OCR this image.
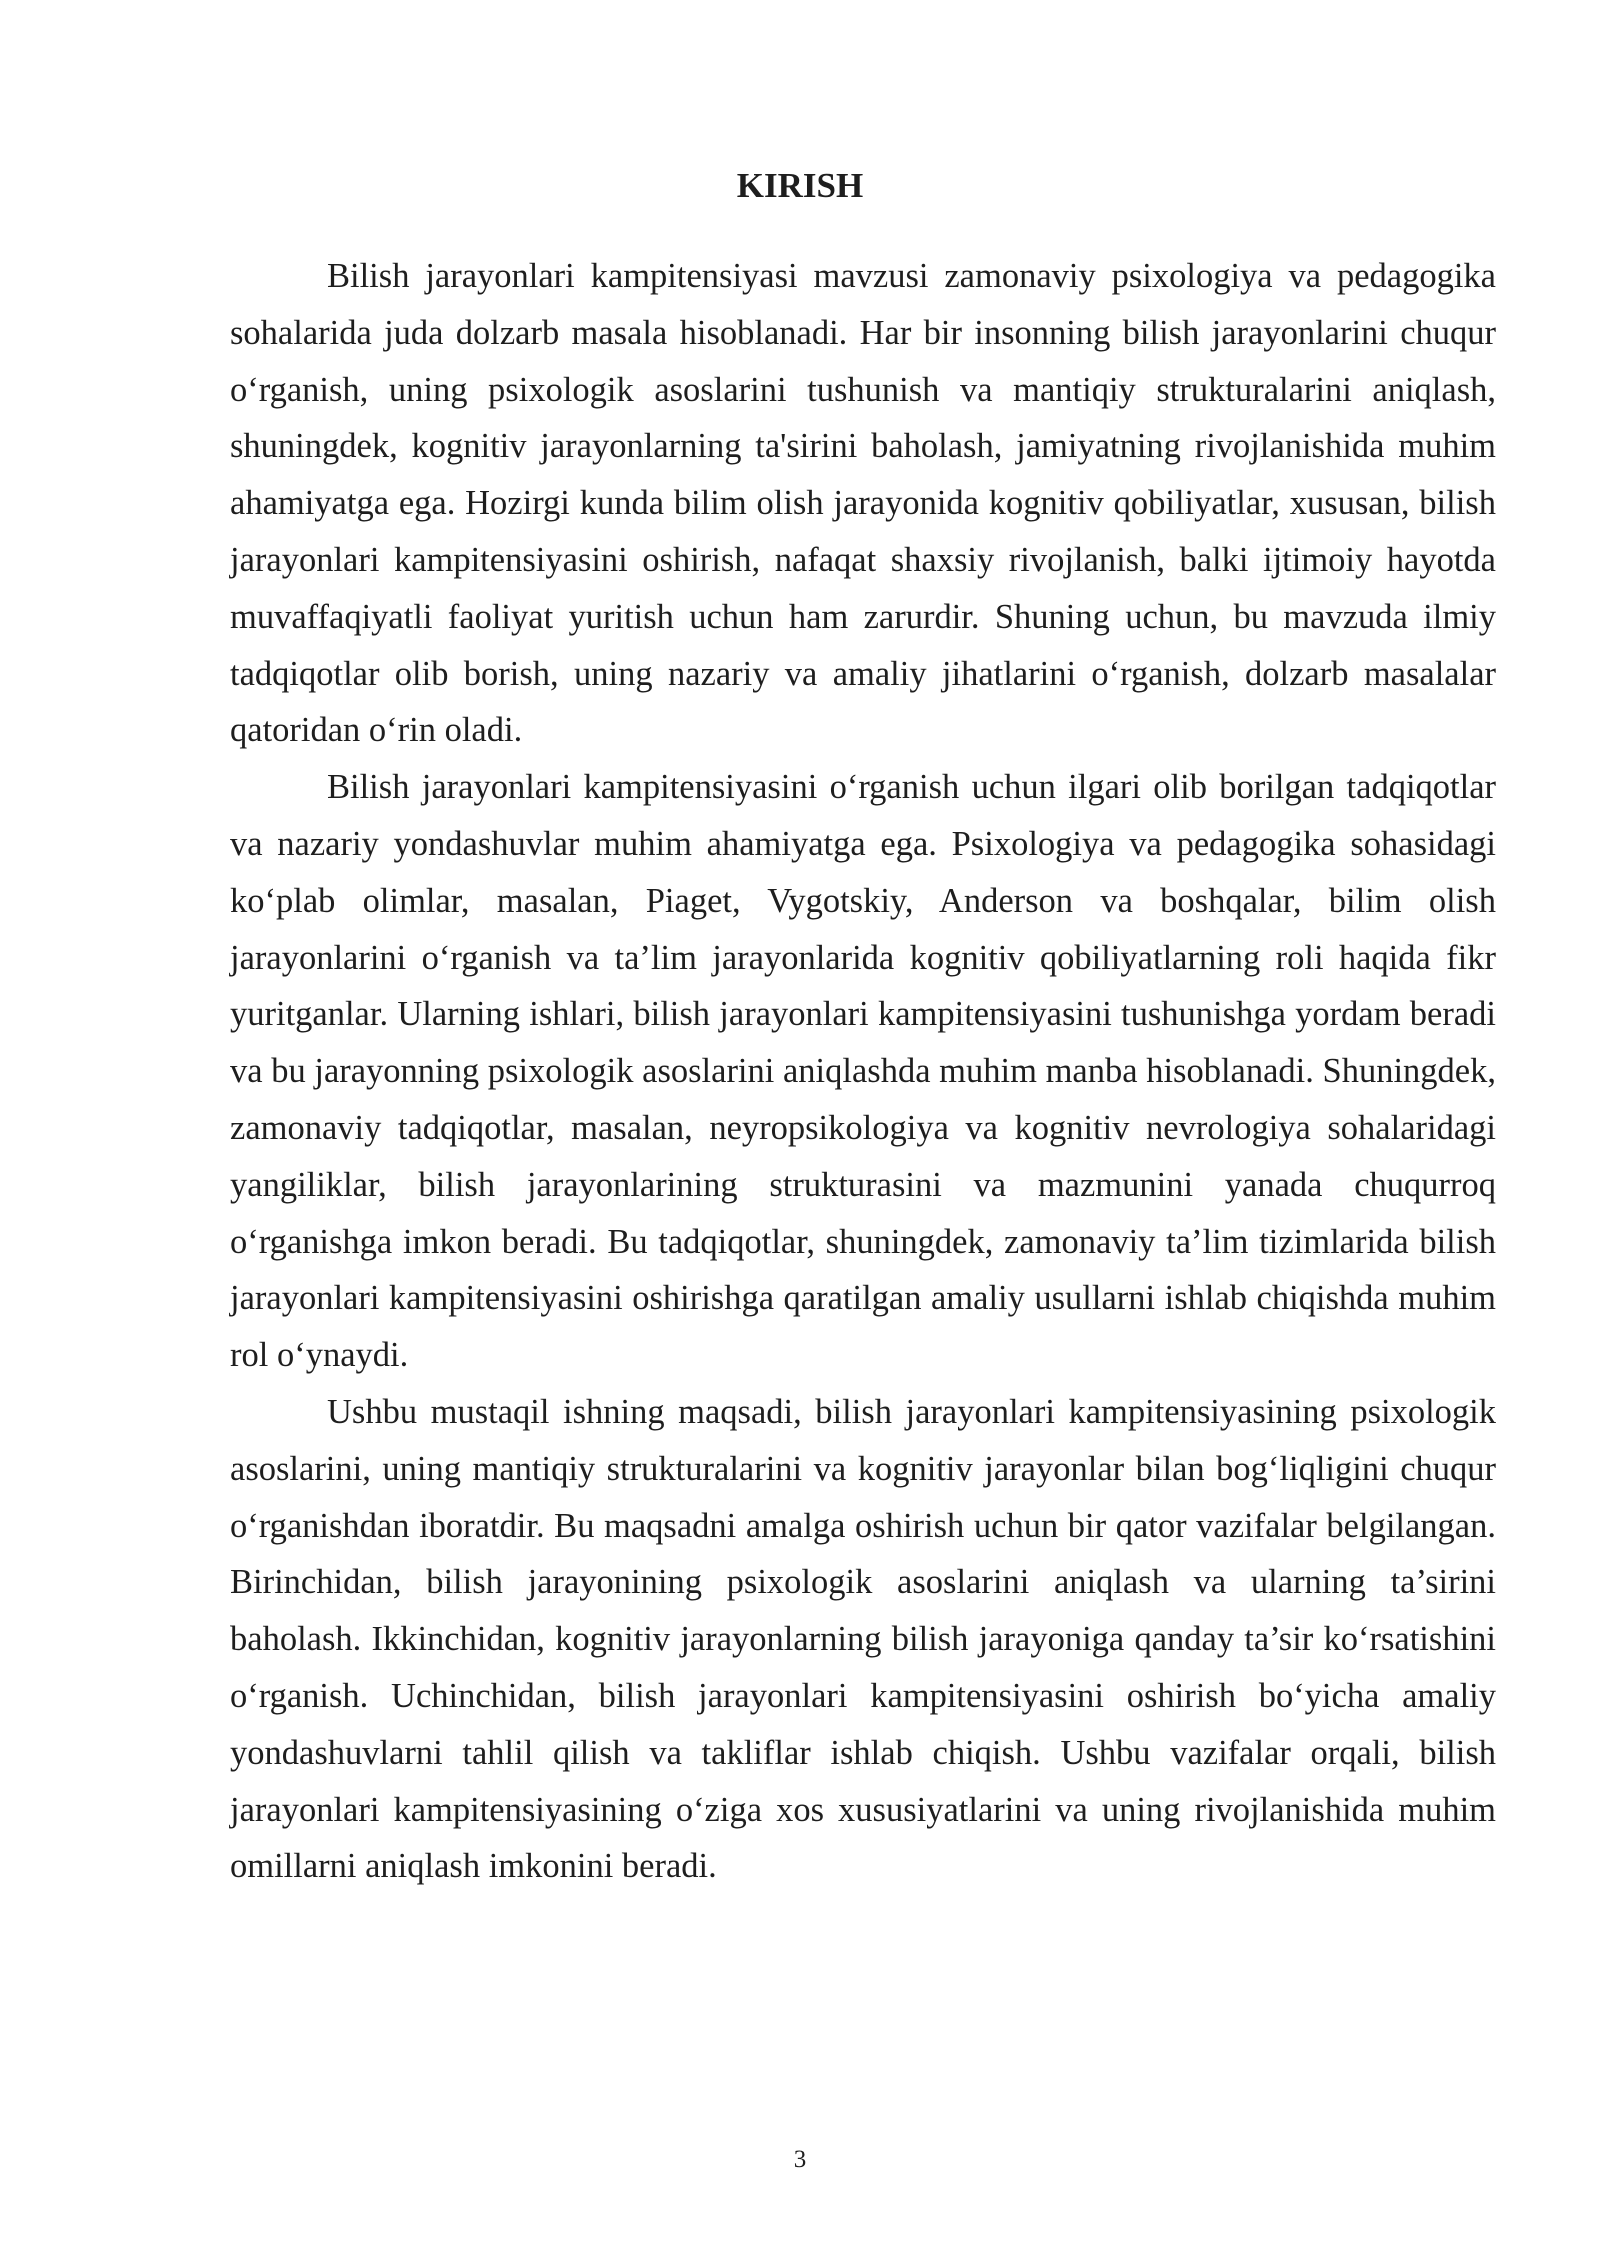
KIRISH

Bilish jarayonlari kampitensiyasi mavzusi zamonaviy psixologiya va pedagogika sohalarida juda dolzarb masala hisoblanadi. Har bir insonning bilish jarayonlarini chuqur o‘rganish, uning psixologik asoslarini tushunish va mantiqiy strukturalarini aniqlash, shuningdek, kognitiv jarayonlarning ta'sirini baholash, jamiyatning rivojlanishida muhim ahamiyatga ega. Hozirgi kunda bilim olish jarayonida kognitiv qobiliyatlar, xususan, bilish jarayonlari kampitensiyasini oshirish, nafaqat shaxsiy rivojlanish, balki ijtimoiy hayotda muvaffaqiyatli faoliyat yuritish uchun ham zarurdir. Shuning uchun, bu mavzuda ilmiy tadqiqotlar olib borish, uning nazariy va amaliy jihatlarini o‘rganish, dolzarb masalalar qatoridan o‘rin oladi.

Bilish jarayonlari kampitensiyasini o‘rganish uchun ilgari olib borilgan tadqiqotlar va nazariy yondashuvlar muhim ahamiyatga ega. Psixologiya va pedagogika sohasidagi ko‘plab olimlar, masalan, Piaget, Vygotskiy, Anderson va boshqalar, bilim olish jarayonlarini o‘rganish va ta’lim jarayonlarida kognitiv qobiliyatlarning roli haqida fikr yuritganlar. Ularning ishlari, bilish jarayonlari kampitensiyasini tushunishga yordam beradi va bu jarayonning psixologik asoslarini aniqlashda muhim manba hisoblanadi. Shuningdek, zamonaviy tadqiqotlar, masalan, neyropsikologiya va kognitiv nevrologiya sohalaridagi yangiliklar, bilish jarayonlarining strukturasini va mazmunini yanada chuqurroq o‘rganishga imkon beradi. Bu tadqiqotlar, shuningdek, zamonaviy ta’lim tizimlarida bilish jarayonlari kampitensiyasini oshirishga qaratilgan amaliy usullarni ishlab chiqishda muhim rol o‘ynaydi.

Ushbu mustaqil ishning maqsadi, bilish jarayonlari kampitensiyasining psixologik asoslarini, uning mantiqiy strukturalarini va kognitiv jarayonlar bilan bog‘liqligini chuqur o‘rganishdan iboratdir. Bu maqsadni amalga oshirish uchun bir qator vazifalar belgilangan. Birinchidan, bilish jarayonining psixologik asoslarini aniqlash va ularning ta’sirini baholash. Ikkinchidan, kognitiv jarayonlarning bilish jarayoniga qanday ta’sir ko‘rsatishini o‘rganish. Uchinchidan, bilish jarayonlari kampitensiyasini oshirish bo‘yicha amaliy yondashuvlarni tahlil qilish va takliflar ishlab chiqish. Ushbu vazifalar orqali, bilish jarayonlari kampitensiyasining o‘ziga xos xususiyatlarini va uning rivojlanishida muhim omillarni aniqlash imkonini beradi.

3
